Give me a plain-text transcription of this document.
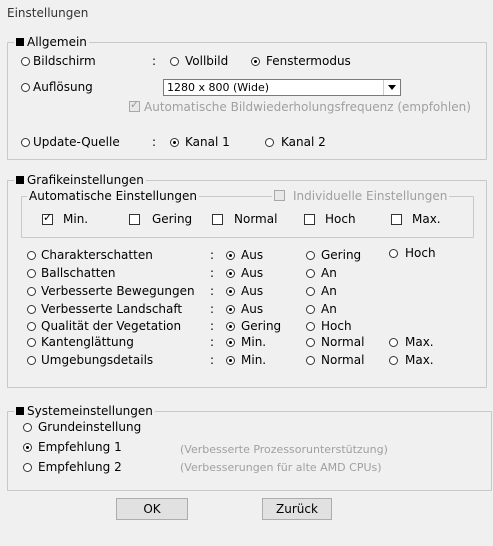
Einstellungen
Allgemein
Bildschirm	: Vollbild	Fenstermodus
Auflösung	1280 x 800 (Wide)
✓ Automatische Bildwiederholungsfrequenz (empfohlen)
Update-Quelle	: Kanal 1	Kanal 2
Grafikeinstellungen
Automatische Einstellungen	Individuelle Einstellungen
✓ Min.	Gering	Normal	Hoch	Max.
Charakterschatten	: Aus	Gering	Hoch
Ballschatten	: Aus	An
Verbesserte Bewegungen : Aus	An
Verbesserte Landschaft : Aus	An
Qualität der Vegetation : Gering	Hoch
Kantenglättung	: Min.	Normal	Max.
Umgebungsdetails	: Min.	Normal	Max.
Systemeinstellungen
Grundeinstellung
Empfehlung 1	(Verbesserte Prozessorunterstützung)
Empfehlung 2	(Verbesserungen für alte AMD CPUs)
OK	Zurück
